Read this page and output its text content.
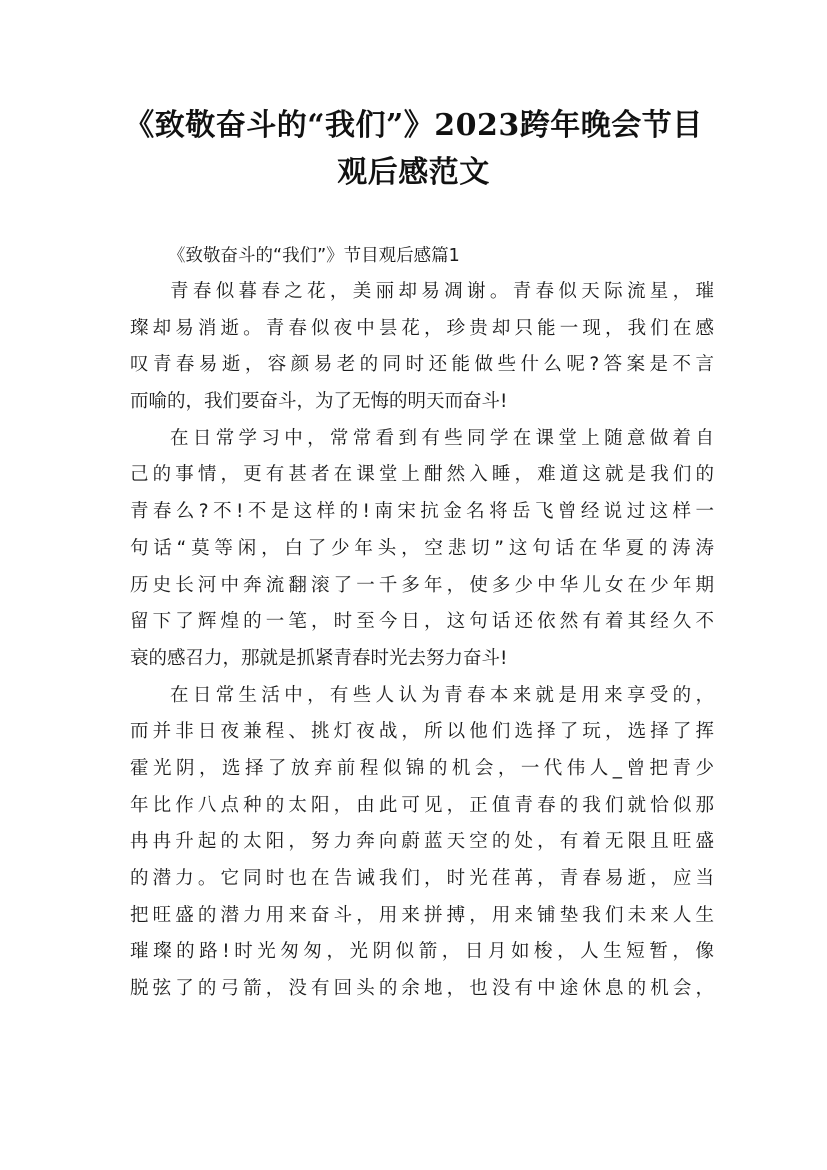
《致敬奋斗的“我们”》2023跨年晚会节目
观后感范文
《致敬奋斗的“我们”》节目观后感篇1
青春似暮春之花，美丽却易凋谢。青春似天际流星，璀
璨却易消逝。青春似夜中昙花，珍贵却只能一现，我们在感
叹青春易逝，容颜易老的同时还能做些什么呢?答案是不言
而喻的，我们要奋斗，为了无悔的明天而奋斗!
在日常学习中，常常看到有些同学在课堂上随意做着自
己的事情，更有甚者在课堂上酣然入睡，难道这就是我们的
青春么?不!不是这样的!南宋抗金名将岳飞曾经说过这样一
句话“莫等闲，白了少年头，空悲切”这句话在华夏的涛涛
历史长河中奔流翻滚了一千多年，使多少中华儿女在少年期
留下了辉煌的一笔，时至今日，这句话还依然有着其经久不
衰的感召力，那就是抓紧青春时光去努力奋斗!
在日常生活中，有些人认为青春本来就是用来享受的，
而并非日夜兼程、挑灯夜战，所以他们选择了玩，选择了挥
霍光阴，选择了放弃前程似锦的机会，一代伟人_曾把青少
年比作八点种的太阳，由此可见，正值青春的我们就恰似那
冉冉升起的太阳，努力奔向蔚蓝天空的处，有着无限且旺盛
的潜力。它同时也在告诫我们，时光荏苒，青春易逝，应当
把旺盛的潜力用来奋斗，用来拼搏，用来铺垫我们未来人生
璀璨的路!时光匆匆，光阴似箭，日月如梭，人生短暂，像
脱弦了的弓箭，没有回头的余地，也没有中途休息的机会，
